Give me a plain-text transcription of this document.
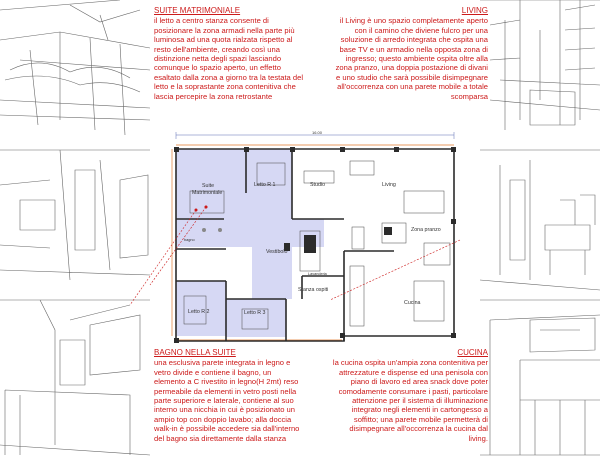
16.00
Suite
Matrimoniale
Letto R 1	Studio	Living
Zona pranzo
Vestibolo
Stanza ospiti
Letto R 2	Letto R 3
Cucina
bagno
Lavanderia
SUITE MATRIMONIALE

il letto a centro stanza consente di posizionare la zona armadi nella parte più luminosa ad una quota rialzata rispetto al resto dell'ambiente, creando così una distinzione netta degli spazi lasciando comunque lo spazio aperto, un effetto esaltato dalla zona a giorno tra la testata del letto e la soprastante zona contenitiva che lascia percepire la zona retrostante

LIVING

il Living è uno spazio completamente aperto con il camino che diviene fulcro per una soluzione di arredo integrata che ospita una base TV e un armadio nella opposta zona di ingresso; questo ambiente ospita oltre alla zona pranzo, una doppia postazione di divani e uno studio che sarà possibile disimpegnare all'occorrenza con una parete mobile a totale scomparsa

BAGNO NELLA SUITE

una esclusiva parete integrata in legno e vetro divide e contiene il bagno, un elemento a C rivestito in legno(H 2mt) reso permeabile da elementi in vetro posti nella parte superiore e laterale, contiene al suo interno una nicchia in cui è posizionato un ampio top con doppio lavabo; alla doccia walk-in è possibile accedere sia dall'interno del bagno sia direttamente dalla stanza

CUCINA

la cucina ospita un'ampia zona contenitiva per attrezzature e dispense ed una penisola con piano di lavoro ed area snack dove poter comodamente consumare i pasti, particolare attenzione per il sistema di illuminazione integrato negli elementi in cartongesso a soffitto; una parete mobile permetterà di disimpegnare all'occorrenza la cucina dal living.
